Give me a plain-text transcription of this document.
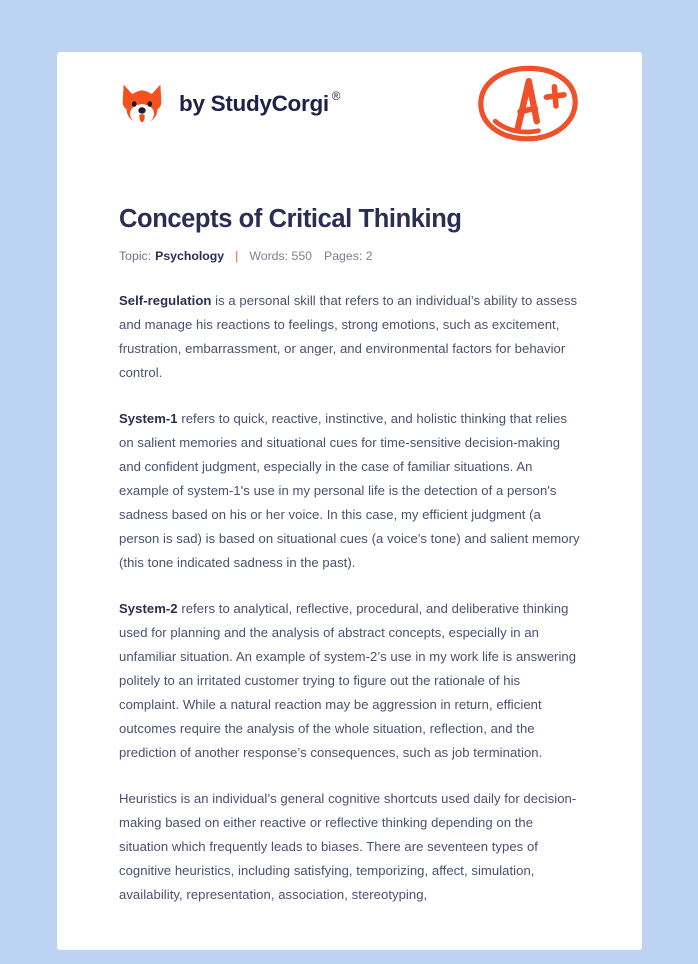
by StudyCorgi ®
Concepts of Critical Thinking
Topic: Psychology | Words: 550 Pages: 2

Self-regulation is a personal skill that refers to an individual’s ability to assess and manage his reactions to feelings, strong emotions, such as excitement, frustration, embarrassment, or anger, and environmental factors for behavior control.

System-1 refers to quick, reactive, instinctive, and holistic thinking that relies on salient memories and situational cues for time-sensitive decision-making and confident judgment, especially in the case of familiar situations. An example of system-1's use in my personal life is the detection of a person's sadness based on his or her voice. In this case, my efficient judgment (a person is sad) is based on situational cues (a voice's tone) and salient memory (this tone indicated sadness in the past).

System-2 refers to analytical, reflective, procedural, and deliberative thinking used for planning and the analysis of abstract concepts, especially in an unfamiliar situation. An example of system-2’s use in my work life is answering politely to an irritated customer trying to figure out the rationale of his complaint. While a natural reaction may be aggression in return, efficient outcomes require the analysis of the whole situation, reflection, and the prediction of another response’s consequences, such as job termination.

Heuristics is an individual’s general cognitive shortcuts used daily for decision-making based on either reactive or reflective thinking depending on the situation which frequently leads to biases. There are seventeen types of cognitive heuristics, including satisfying, temporizing, affect, simulation, availability, representation, association, stereotyping,
